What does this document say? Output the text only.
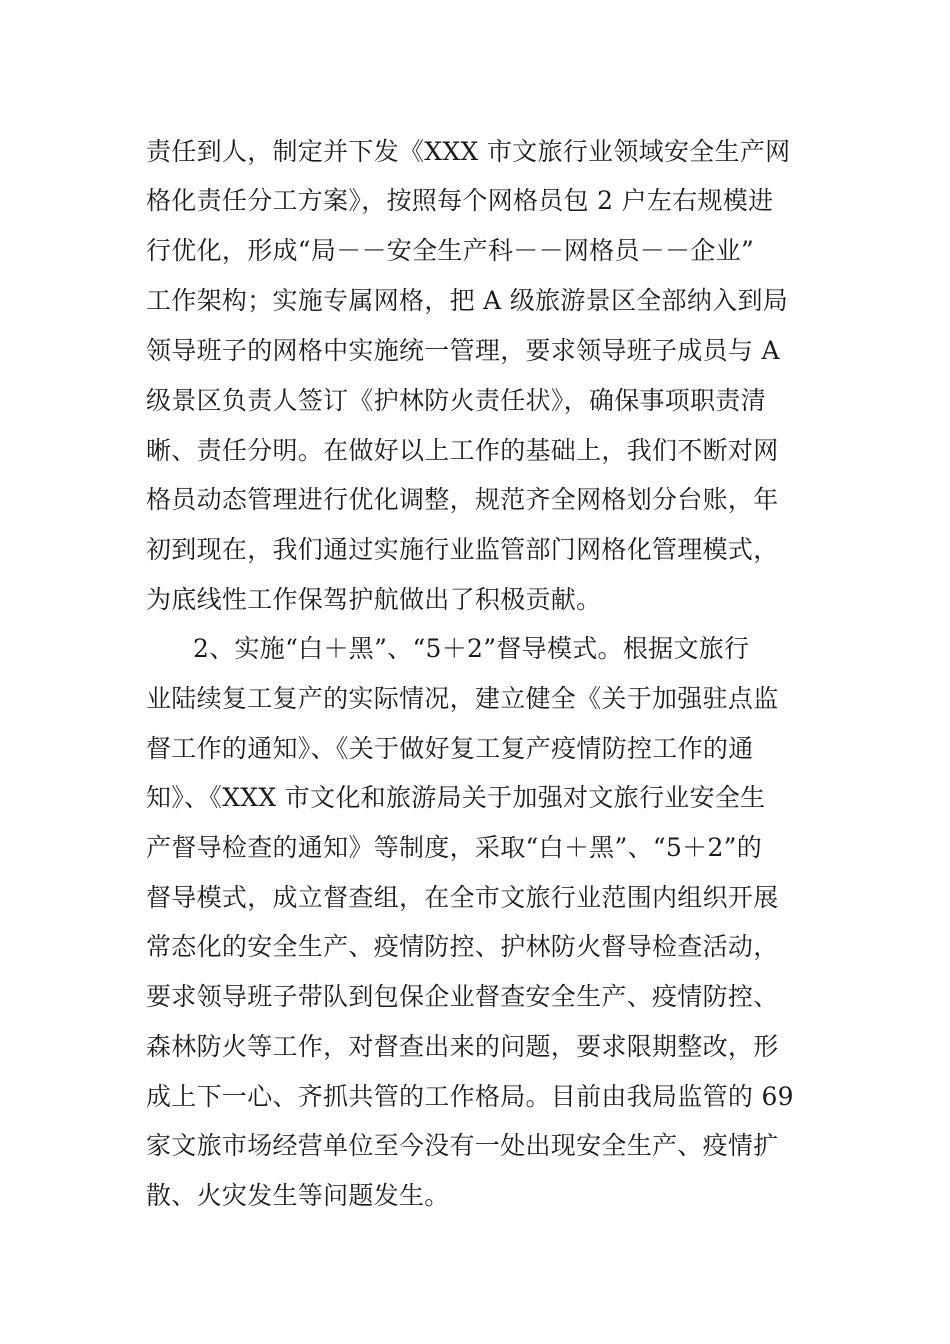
责任到人，制定并下发《XXX 市文旅行业领域安全生产网
格化责任分工方案》，按照每个网格员包 2 户左右规模进
行优化，形成“局－－安全生产科－－网格员－－企业”
工作架构；实施专属网格，把 A 级旅游景区全部纳入到局
领导班子的网格中实施统一管理，要求领导班子成员与 A
级景区负责人签订《护林防火责任状》，确保事项职责清
晰、责任分明。在做好以上工作的基础上，我们不断对网
格员动态管理进行优化调整，规范齐全网格划分台账，年
初到现在，我们通过实施行业监管部门网格化管理模式，
为底线性工作保驾护航做出了积极贡献。
2、实施“白＋黑”、“5＋2”督导模式。根据文旅行
业陆续复工复产的实际情况，建立健全《关于加强驻点监
督工作的通知》、《关于做好复工复产疫情防控工作的通
知》、《XXX 市文化和旅游局关于加强对文旅行业安全生
产督导检查的通知》等制度，采取“白＋黑”、“5＋2”的
督导模式，成立督查组，在全市文旅行业范围内组织开展
常态化的安全生产、疫情防控、护林防火督导检查活动，
要求领导班子带队到包保企业督查安全生产、疫情防控、
森林防火等工作，对督查出来的问题，要求限期整改，形
成上下一心、齐抓共管的工作格局。目前由我局监管的 69
家文旅市场经营单位至今没有一处出现安全生产、疫情扩
散、火灾发生等问题发生。
